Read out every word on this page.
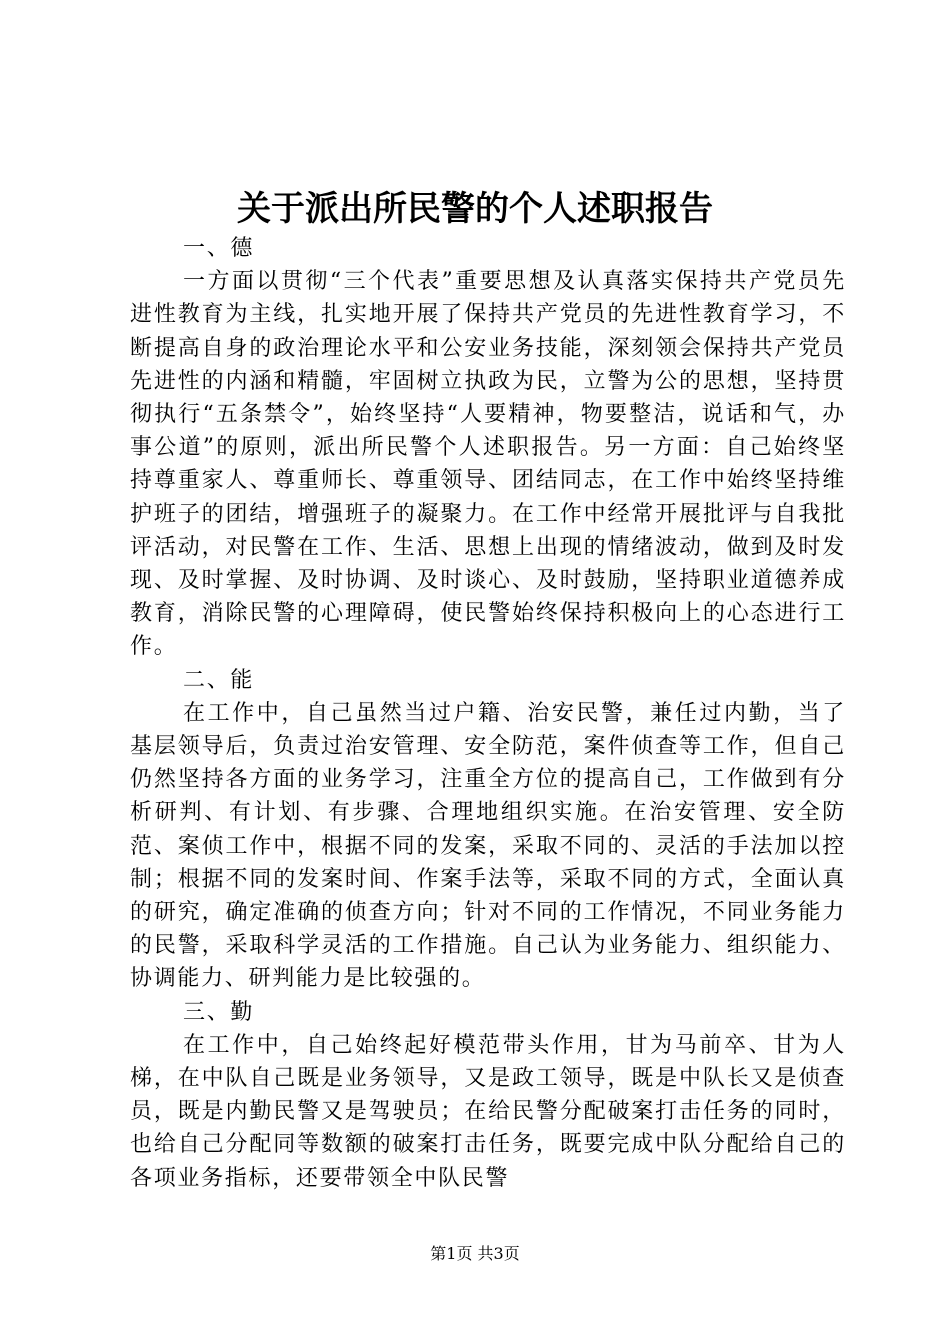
关于派出所民警的个人述职报告

一、德

一方面以贯彻“三个代表”重要思想及认真落实保持共产党员先进性教育为主线，扎实地开展了保持共产党员的先进性教育学习，不断提高自身的政治理论水平和公安业务技能，深刻领会保持共产党员先进性的内涵和精髓，牢固树立执政为民，立警为公的思想，坚持贯彻执行“五条禁令”，始终坚持“人要精神，物要整洁，说话和气，办事公道”的原则，派出所民警个人述职报告。另一方面：自己始终坚持尊重家人、尊重师长、尊重领导、团结同志，在工作中始终坚持维护班子的团结，增强班子的凝聚力。在工作中经常开展批评与自我批评活动，对民警在工作、生活、思想上出现的情绪波动，做到及时发现、及时掌握、及时协调、及时谈心、及时鼓励，坚持职业道德养成教育，消除民警的心理障碍，使民警始终保持积极向上的心态进行工作。

二、能

在工作中，自己虽然当过户籍、治安民警，兼任过内勤，当了基层领导后，负责过治安管理、安全防范，案件侦查等工作，但自己仍然坚持各方面的业务学习，注重全方位的提高自己，工作做到有分析研判、有计划、有步骤、合理地组织实施。在治安管理、安全防范、案侦工作中，根据不同的发案，采取不同的、灵活的手法加以控制；根据不同的发案时间、作案手法等，采取不同的方式，全面认真的研究，确定准确的侦查方向；针对不同的工作情况，不同业务能力的民警，采取科学灵活的工作措施。自己认为业务能力、组织能力、协调能力、研判能力是比较强的。

三、勤

在工作中，自己始终起好模范带头作用，甘为马前卒、甘为人梯，在中队自己既是业务领导，又是政工领导，既是中队长又是侦查员，既是内勤民警又是驾驶员；在给民警分配破案打击任务的同时，也给自己分配同等数额的破案打击任务，既要完成中队分配给自己的各项业务指标，还要带领全中队民警

第1页 共3页
